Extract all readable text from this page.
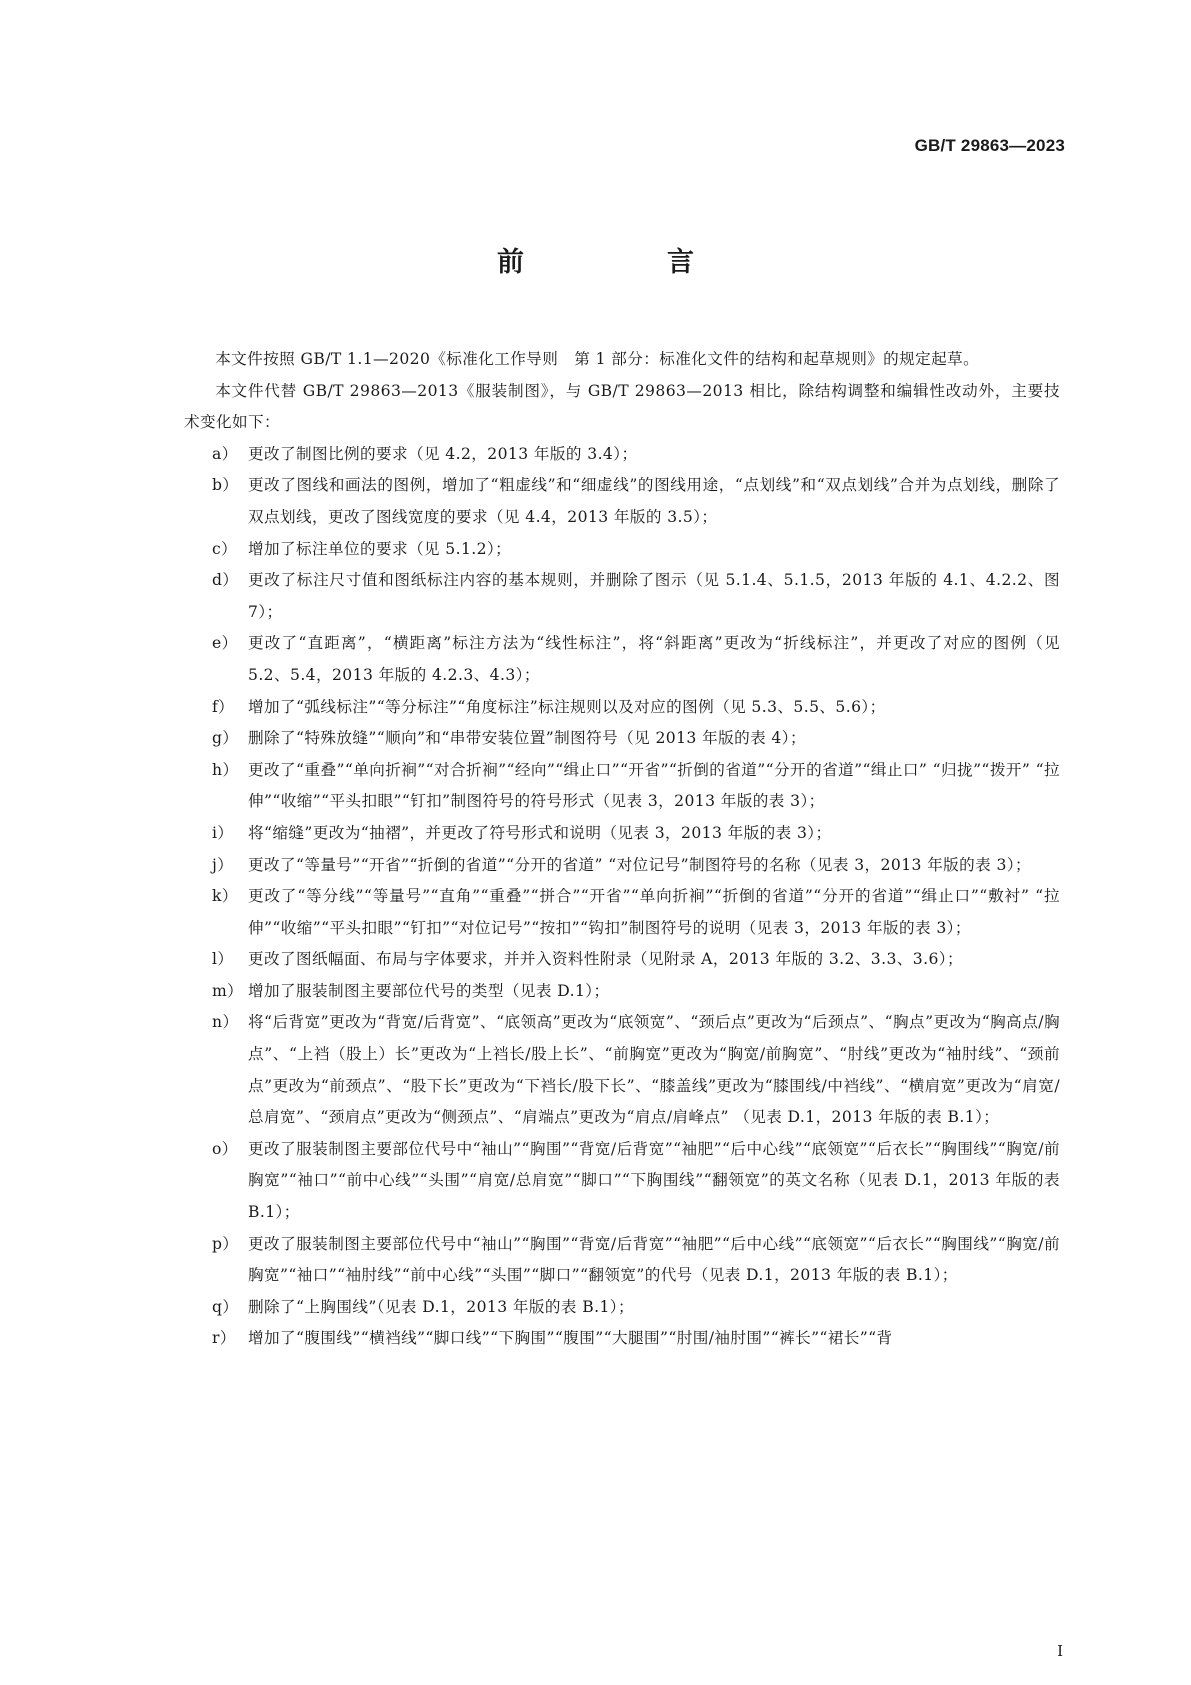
GB/T 29863—2023
前　言

本文件按照 GB/T 1.1—2020《标准化工作导则　第 1 部分：标准化文件的结构和起草规则》的规定起草。

本文件代替 GB/T 29863—2013《服装制图》，与 GB/T 29863—2013 相比，除结构调整和编辑性改动外，主要技术变化如下：

a） 更改了制图比例的要求（见 4.2，2013 年版的 3.4）；
b） 更改了图线和画法的图例，增加了“粗虚线”和“细虚线”的图线用途，“点划线”和“双点划线”合并为点划线，删除了双点划线，更改了图线宽度的要求（见 4.4，2013 年版的 3.5）；
c） 增加了标注单位的要求（见 5.1.2）；
d） 更改了标注尺寸值和图纸标注内容的基本规则，并删除了图示（见 5.1.4、5.1.5，2013 年版的 4.1、4.2.2、图 7）；
e） 更改了“直距离”，“横距离”标注方法为“线性标注”，将“斜距离”更改为“折线标注”，并更改了对应的图例（见 5.2、5.4，2013 年版的 4.2.3、4.3）；
f） 增加了“弧线标注”“等分标注”“角度标注”标注规则以及对应的图例（见 5.3、5.5、5.6）；
g） 删除了“特殊放缝”“顺向”和“串带安装位置”制图符号（见 2013 年版的表 4）；
h） 更改了“重叠”“单向折裥”“对合折裥”“经向”“缉止口”“开省”“折倒的省道”“分开的省道”“缉止口” “归拢”“拨开” “拉伸”“收缩”“平头扣眼”“钉扣”制图符号的符号形式（见表 3，2013 年版的表 3）；
i） 将“缩缝”更改为“抽褶”，并更改了符号形式和说明（见表 3，2013 年版的表 3）；
j） 更改了“等量号”“开省”“折倒的省道”“分开的省道” “对位记号”制图符号的名称（见表 3，2013 年版的表 3）；
k） 更改了“等分线”“等量号”“直角”“重叠”“拼合”“开省”“单向折裥”“折倒的省道”“分开的省道”“缉止口”“敷衬” “拉伸”“收缩”“平头扣眼”“钉扣”“对位记号”“按扣”“钩扣”制图符号的说明（见表 3，2013 年版的表 3）；
l） 更改了图纸幅面、布局与字体要求，并并入资料性附录（见附录 A，2013 年版的 3.2、3.3、3.6）；
m） 增加了服装制图主要部位代号的类型（见表 D.1）；
n） 将“后背宽”更改为“背宽/后背宽”、“底领高”更改为“底领宽”、“颈后点”更改为“后颈点”、“胸点”更改为“胸高点/胸点”、“上裆（股上）长”更改为“上裆长/股上长”、“前胸宽”更改为“胸宽/前胸宽”、“肘线”更改为“袖肘线”、“颈前点”更改为“前颈点”、“股下长”更改为“下裆长/股下长”、“膝盖线”更改为“膝围线/中裆线”、“横肩宽”更改为“肩宽/总肩宽”、“颈肩点”更改为“侧颈点”、“肩端点”更改为“肩点/肩峰点” （见表 D.1，2013 年版的表 B.1）；
o） 更改了服装制图主要部位代号中“袖山”“胸围”“背宽/后背宽”“袖肥”“后中心线”“底领宽”“后衣长”“胸围线”“胸宽/前胸宽”“袖口”“前中心线”“头围”“肩宽/总肩宽”“脚口”“下胸围线”“翻领宽”的英文名称（见表 D.1，2013 年版的表 B.1）；
p） 更改了服装制图主要部位代号中“袖山”“胸围”“背宽/后背宽”“袖肥”“后中心线”“底领宽”“后衣长”“胸围线”“胸宽/前胸宽”“袖口”“袖肘线”“前中心线”“头围”“脚口”“翻领宽”的代号（见表 D.1，2013 年版的表 B.1）；
q） 删除了“上胸围线”（见表 D.1，2013 年版的表 B.1）；
r） 增加了“腹围线”“横裆线”“脚口线”“下胸围”“腹围”“大腿围”“肘围/袖肘围”“裤长”“裙长”“背
I
